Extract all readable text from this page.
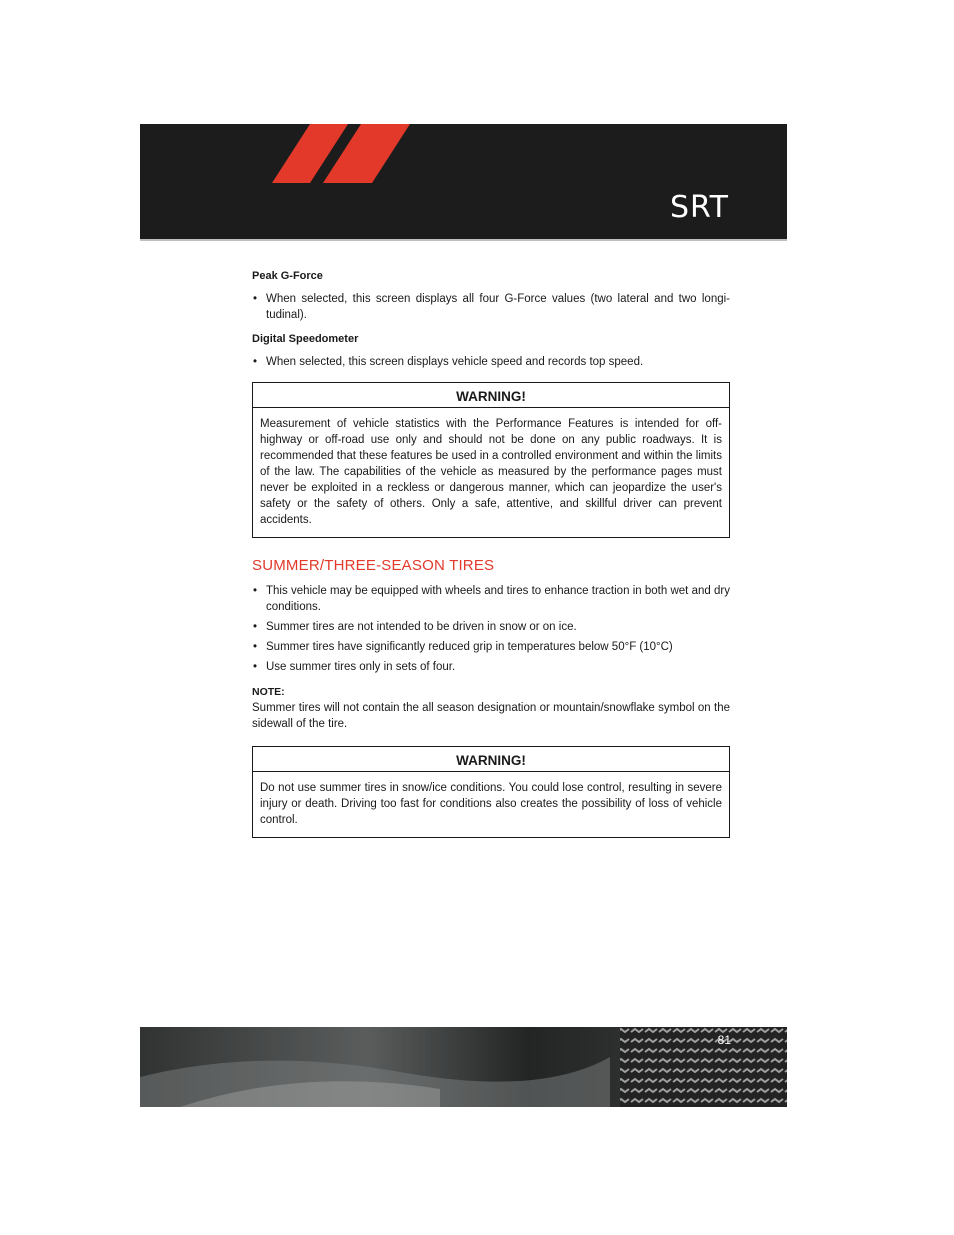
SRT
Peak G-Force
• When selected, this screen displays all four G-Force values (two lateral and two longi-tudinal).
Digital Speedometer
• When selected, this screen displays vehicle speed and records top speed.
WARNING!
Measurement of vehicle statistics with the Performance Features is intended for off-highway or off-road use only and should not be done on any public roadways. It is recommended that these features be used in a controlled environment and within the limits of the law. The capabilities of the vehicle as measured by the performance pages must never be exploited in a reckless or dangerous manner, which can jeopardize the user's safety or the safety of others. Only a safe, attentive, and skillful driver can prevent accidents.
SUMMER/THREE-SEASON TIRES
• This vehicle may be equipped with wheels and tires to enhance traction in both wet and dry conditions.
• Summer tires are not intended to be driven in snow or on ice.
• Summer tires have significantly reduced grip in temperatures below 50°F (10°C)
• Use summer tires only in sets of four.
NOTE:
Summer tires will not contain the all season designation or mountain/snowflake symbol on the sidewall of the tire.
WARNING!
Do not use summer tires in snow/ice conditions. You could lose control, resulting in severe injury or death. Driving too fast for conditions also creates the possibility of loss of vehicle control.
81
